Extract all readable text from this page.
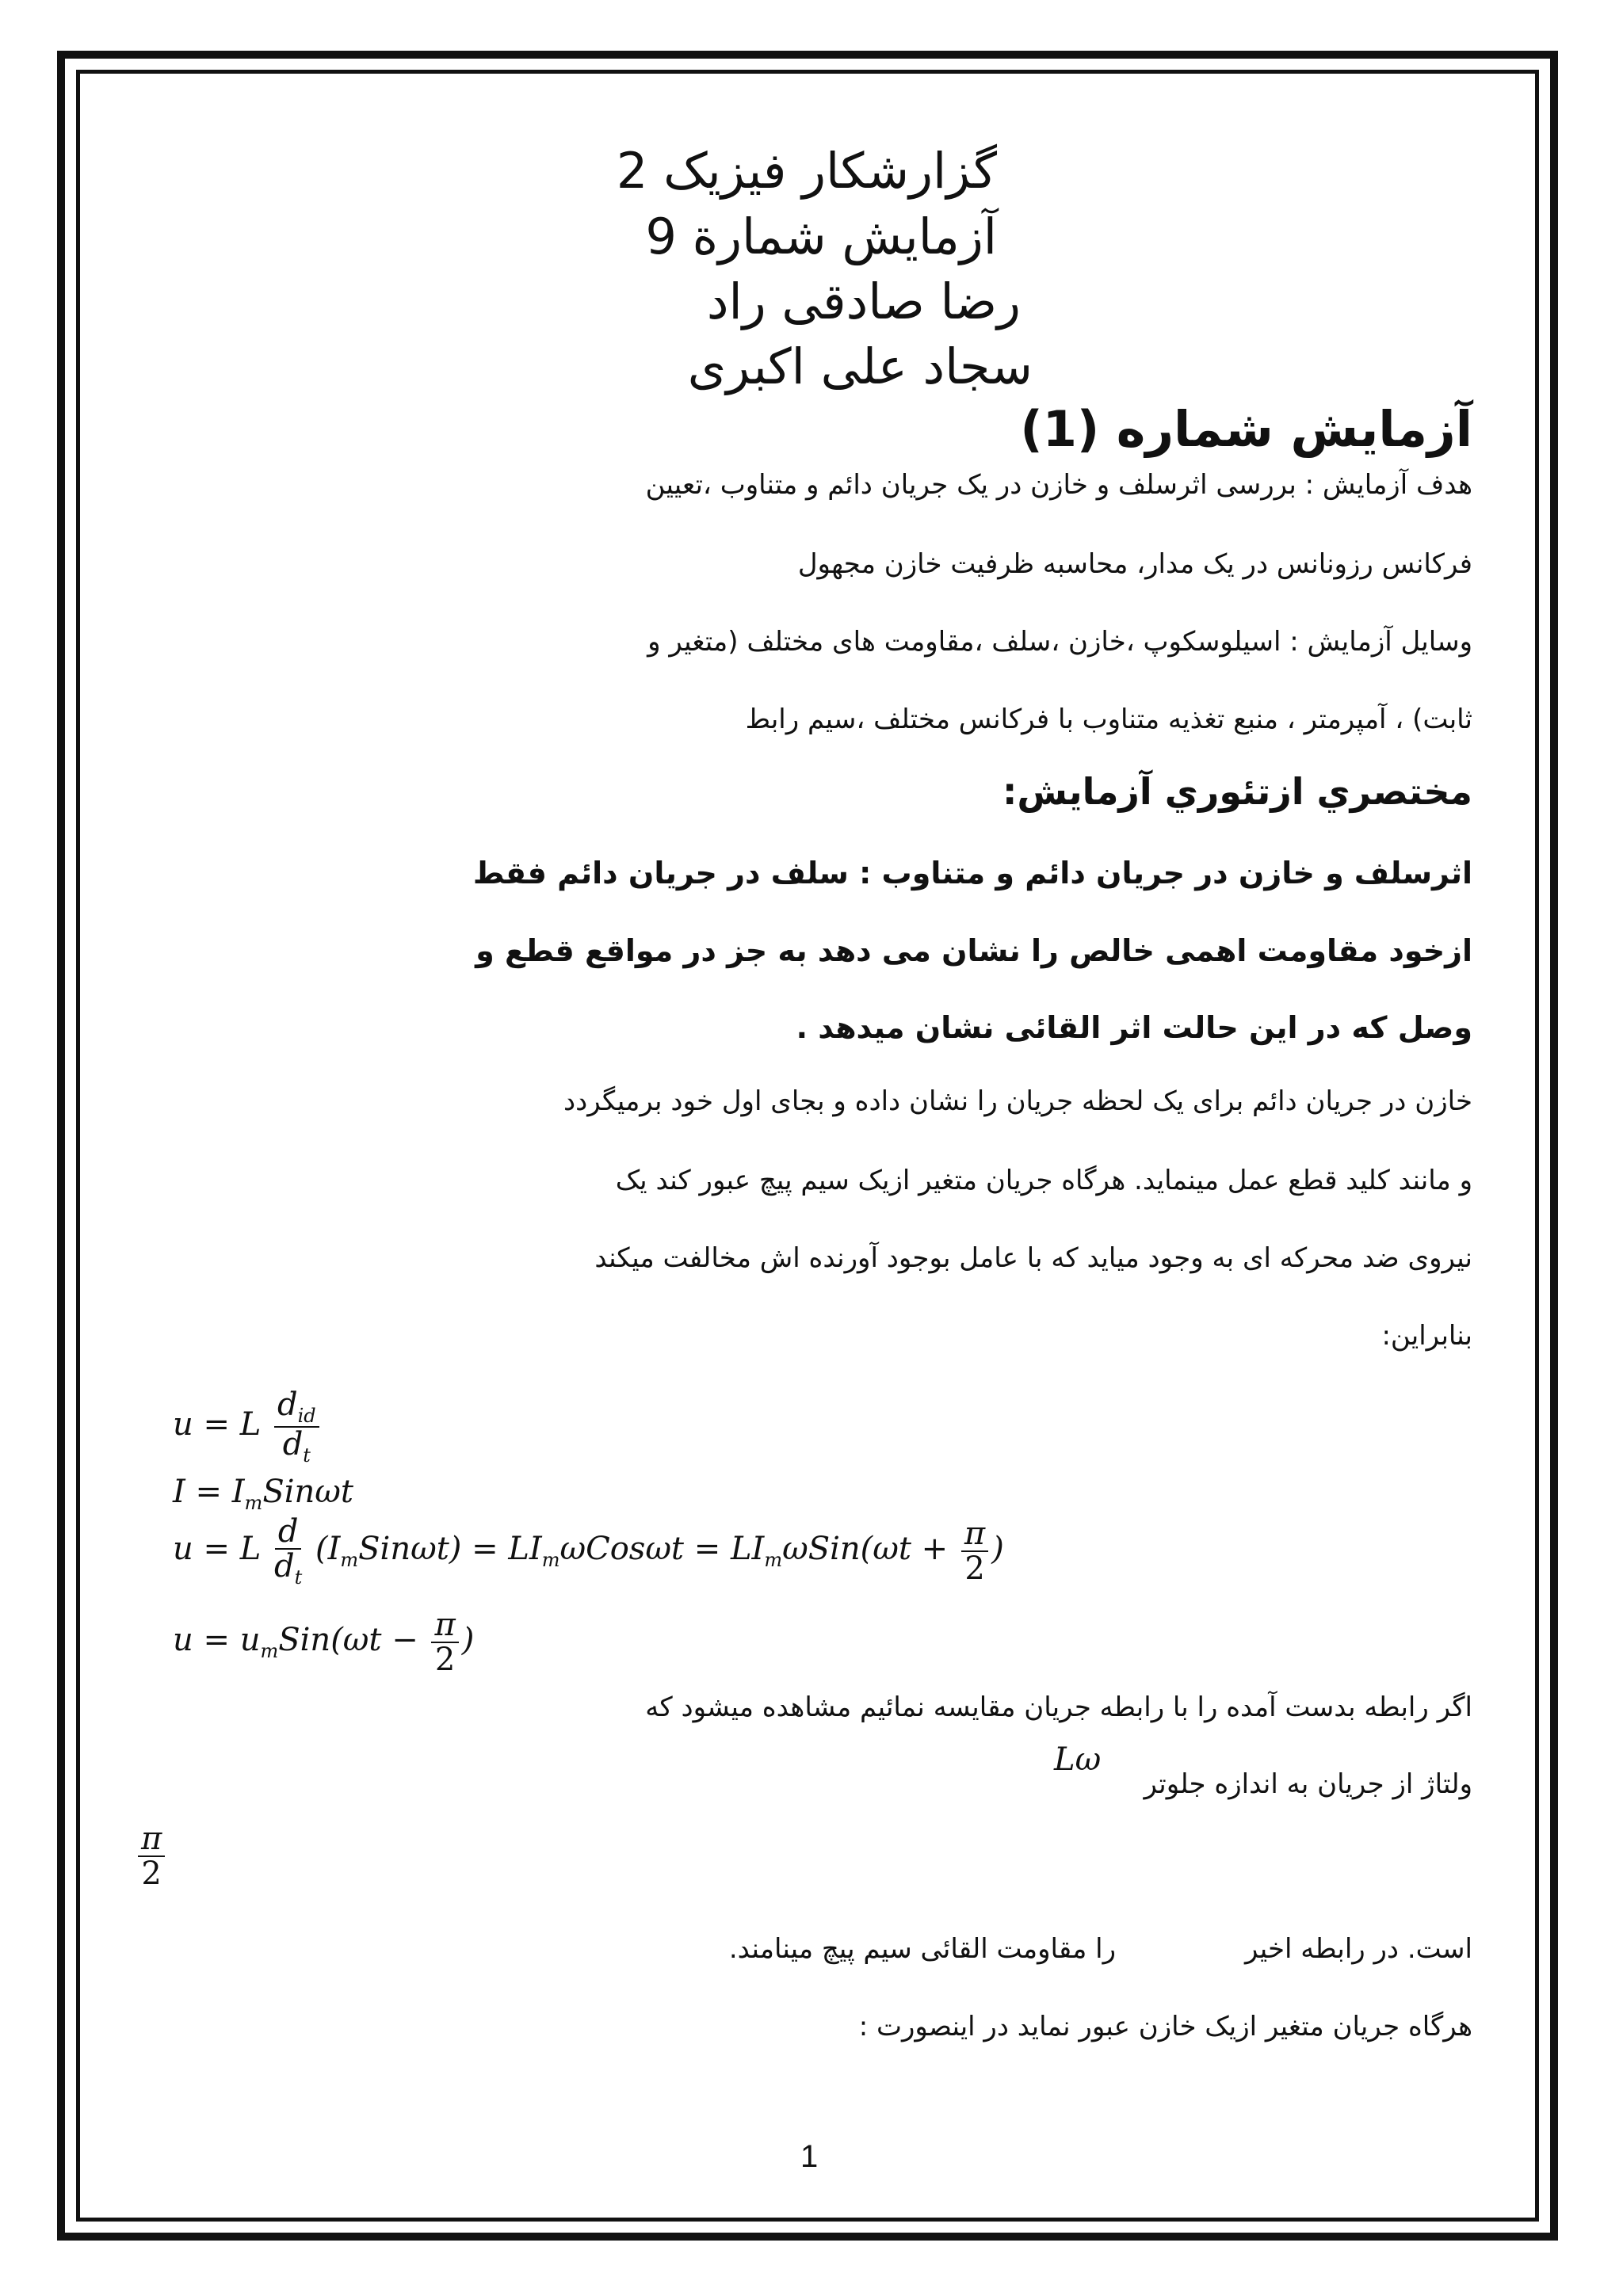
گزارشکار فیزیک 2
آزمایش شمارة 9
رضا صادقی راد
سجاد علی اکبری
آزمایش شماره (1)
هدف آزمایش : بررسی اثرسلف و خازن در یک جریان دائم و متناوب ،تعیین
فرکانس رزونانس در یک مدار، محاسبه ظرفیت خازن مجهول
وسایل آزمایش : اسیلوسکوپ ،خازن ،سلف ،مقاومت های مختلف (متغیر و
ثابت) ، آمپرمتر ، منبع تغذیه متناوب با فرکانس مختلف ،سیم رابط
مختصري ازتئوري آزمایش:
اثرسلف و خازن در جریان دائم و متناوب : سلف در جریان دائم فقط
ازخود مقاومت اهمی خالص را نشان می دهد به جز در مواقع قطع و
وصل که در این حالت اثر القائی نشان میدهد .
خازن در جریان دائم برای یک لحظه جریان را نشان داده و بجای اول خود برمیگردد
و مانند کلید قطع عمل مینماید. هرگاه جریان متغیر ازیک سیم پیچ عبور کند یک
نیروی ضد محرکه ای به وجود میاید که با عامل بوجود آورنده اش مخالفت میکند
بنابراین:
u = L $\frac{d_{id}}{d_t}$
$I = I_mSin\omega t$
u = L $\frac{d}{d_t} (I_mSin\omega t) = LI_m\omega Cos\omega t = LI_m\omega Sin(\omega t + \frac{\pi}{2}$ )
$u = u_mSin(\omega t - \frac{\pi}{2}$ )
اگر رابطه بدست آمده را با رابطه جریان مقایسه نمائیم مشاهده میشود که
Lω
ولتاژ از جریان به اندازه جلوتر
$\frac{\pi}{2}$
است. در رابطه اخیر
را مقاومت القائی سیم پیچ مینامند.
هرگاه جریان متغیر ازیک خازن عبور نماید در اینصورت :
1
